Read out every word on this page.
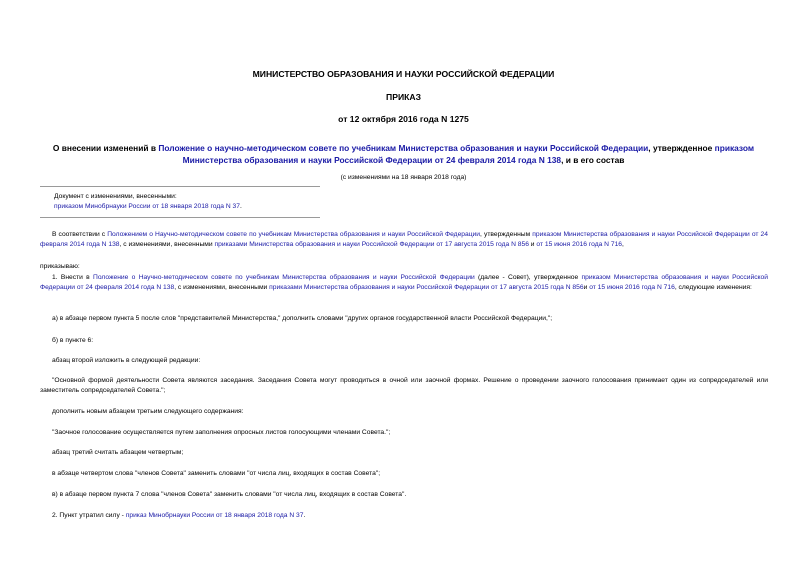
МИНИСТЕРСТВО ОБРАЗОВАНИЯ И НАУКИ РОССИЙСКОЙ ФЕДЕРАЦИИ
ПРИКАЗ
от 12 октября 2016 года N 1275
О внесении изменений в Положение о научно-методическом совете по учебникам Министерства образования и науки Российской Федерации, утвержденное приказом Министерства образования и науки Российской Федерации от 24 февраля 2014 года N 138, и в его состав
(с изменениями на 18 января 2018 года)
Документ с изменениями, внесенными:
приказом Минобрнауки России от 18 января 2018 года N 37.
В соответствии с Положением о Научно-методическом совете по учебникам Министерства образования и науки Российской Федерации, утвержденным приказом Министерства образования и науки Российской Федерации от 24 февраля 2014 года N 138, с изменениями, внесенными приказами Министерства образования и науки Российской Федерации от 17 августа 2015 года N 856 и от 15 июня 2016 года N 716,
приказываю:
1. Внести в Положение о Научно-методическом совете по учебникам Министерства образования и науки Российской Федерации (далее - Совет), утвержденное приказом Министерства образования и науки Российской Федерации от 24 февраля 2014 года N 138, с изменениями, внесенными приказами Министерства образования и науки Российской Федерации от 17 августа 2015 года N 856и от 15 июня 2016 года N 716, следующие изменения:
а) в абзаце первом пункта 5 после слов "представителей Министерства," дополнить словами "других органов государственной власти Российской Федерации,";
б) в пункте 6:
абзац второй изложить в следующей редакции:
"Основной формой деятельности Совета являются заседания. Заседания Совета могут проводиться в очной или заочной формах. Решение о проведении заочного голосования принимает один из сопредседателей или заместитель сопредседателей Совета.";
дополнить новым абзацем третьим следующего содержания:
"Заочное голосование осуществляется путем заполнения опросных листов голосующими членами Совета.";
абзац третий считать абзацем четвертым;
в абзаце четвертом слова "членов Совета" заменить словами "от числа лиц, входящих в состав Совета";
в) в абзаце первом пункта 7 слова "членов Совета" заменить словами "от числа лиц, входящих в состав Совета".
2. Пункт утратил силу - приказ Минобрнауки России от 18 января 2018 года N 37.
